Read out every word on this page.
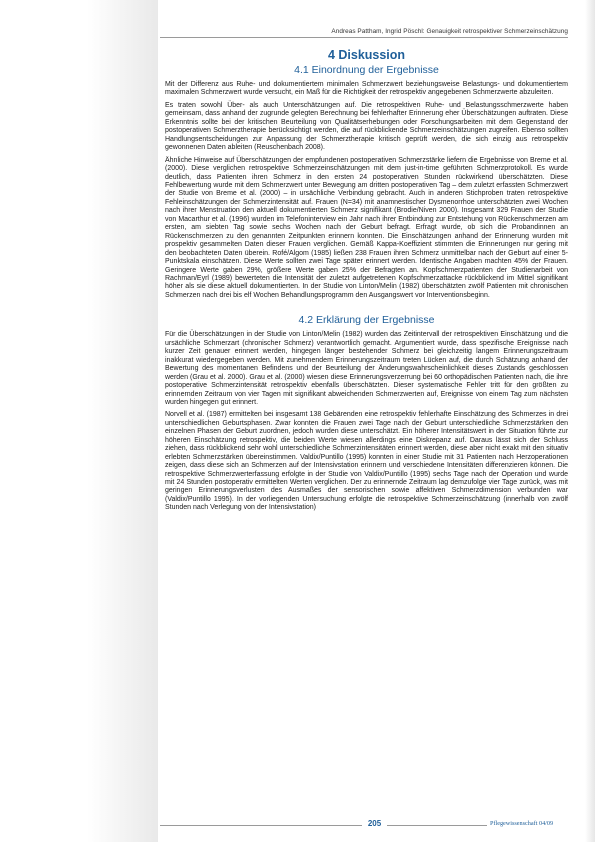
Andreas Pattham, Ingrid Pöschl: Genauigkeit retrospektiver Schmerzeinschätzung
4 Diskussion
4.1 Einordnung der Ergebnisse

Mit der Differenz aus Ruhe- und dokumentiertem minimalen Schmerzwert beziehungsweise Belastungs- und dokumentiertem maximalen Schmerzwert wurde versucht, ein Maß für die Richtigkeit der retrospektiv angegebenen Schmerzwerte abzuleiten.

Es traten sowohl Über- als auch Unterschätzungen auf. Die retrospektiven Ruhe- und Belastungsschmerzwerte haben gemeinsam, dass anhand der zugrunde gelegten Berechnung bei fehlerhafter Erinnerung eher Überschätzungen auftraten. Diese Erkenntnis sollte bei der kritischen Beurteilung von Qualitätserhebungen oder Forschungsarbeiten mit dem Gegenstand der postoperativen Schmerztherapie berücksichtigt werden, die auf rückblickende Schmerzeinschätzungen zugreifen. Ebenso sollten Handlungsentscheidungen zur Anpassung der Schmerztherapie kritisch geprüft werden, die sich einzig aus retrospektiv gewonnenen Daten ableiten (Reuschenbach 2008).

Ähnliche Hinweise auf Überschätzungen der empfundenen postoperativen Schmerzstärke liefern die Ergebnisse von Breme et al. (2000). Diese verglichen retrospektive Schmerzeinschätzungen mit dem just-in-time geführten Schmerzprotokoll. Es wurde deutlich, dass Patienten ihren Schmerz in den ersten 24 postoperativen Stunden rückwirkend überschätzten. Diese Fehlbewertung wurde mit dem Schmerzwert unter Bewegung am dritten postoperativen Tag – dem zuletzt erfassten Schmerzwert der Studie von Breme et al. (2000) – in ursächliche Verbindung gebracht. Auch in anderen Stichproben traten retrospektive Fehleinschätzungen der Schmerzintensität auf. Frauen (N=34) mit anamnestischer Dysmenorrhoe unterschätzten zwei Wochen nach ihrer Menstruation den aktuell dokumentierten Schmerz signifikant (Brodie/Niven 2000). Insgesamt 329 Frauen der Studie von Macarthur et al. (1996) wurden im Telefoninterview ein Jahr nach ihrer Entbindung zur Entstehung von Rückenschmerzen am ersten, am siebten Tag sowie sechs Wochen nach der Geburt befragt. Erfragt wurde, ob sich die Probandinnen an Rückenschmerzen zu den genannten Zeitpunkten erinnern konnten. Die Einschätzungen anhand der Erinnerung wurden mit prospektiv gesammelten Daten dieser Frauen verglichen. Gemäß Kappa-Koeffizient stimmten die Erinnerungen nur gering mit den beobachteten Daten überein. Rofé/Algom (1985) ließen 238 Frauen ihren Schmerz unmittelbar nach der Geburt auf einer 5-Punktskala einschätzen. Diese Werte sollten zwei Tage später erinnert werden. Identische Angaben machten 45% der Frauen. Geringere Werte gaben 29%, größere Werte gaben 25% der Befragten an. Kopfschmerzpatienten der Studienarbeit von Rachman/Eyrl (1989) bewerteten die Intensität der zuletzt aufgetretenen Kopfschmerzattacke rückblickend im Mittel signifikant höher als sie diese aktuell dokumentierten. In der Studie von Linton/Melin (1982) überschätzten zwölf Patienten mit chronischen Schmerzen nach drei bis elf Wochen Behandlungsprogramm den Ausgangswert vor Interventionsbeginn.

4.2 Erklärung der Ergebnisse

Für die Überschätzungen in der Studie von Linton/Melin (1982) wurden das Zeitintervall der retrospektiven Einschätzung und die ursächliche Schmerzart (chronischer Schmerz) verantwortlich gemacht. Argumentiert wurde, dass spezifische Ereignisse nach kurzer Zeit genauer erinnert werden, hingegen länger bestehender Schmerz bei gleichzeitig langem Erinnerungszeitraum inakkurat wiedergegeben werden. Mit zunehmendem Erinnerungszeitraum treten Lücken auf, die durch Schätzung anhand der Bewertung des momentanen Befindens und der Beurteilung der Änderungswahrscheinlichkeit dieses Zustands geschlossen werden (Grau et al. 2000). Grau et al. (2000) wiesen diese Erinnerungsverzerrung bei 60 orthopädischen Patienten nach, die ihre postoperative Schmerzintensität retrospektiv ebenfalls überschätzten. Dieser systematische Fehler tritt für den größten zu erinnernden Zeitraum von vier Tagen mit signifikant abweichenden Schmerzwerten auf, Ereignisse von einem Tag zum nächsten wurden hingegen gut erinnert.

Norvell et al. (1987) ermittelten bei insgesamt 138 Gebärenden eine retrospektiv fehlerhafte Einschätzung des Schmerzes in drei unterschiedlichen Geburtsphasen. Zwar konnten die Frauen zwei Tage nach der Geburt unterschiedliche Schmerzstärken den einzelnen Phasen der Geburt zuordnen, jedoch wurden diese unterschätzt. Ein höherer Intensitätswert in der Situation führte zur höheren Einschätzung retrospektiv, die beiden Werte wiesen allerdings eine Diskrepanz auf. Daraus lässt sich der Schluss ziehen, dass rückblickend sehr wohl unterschiedliche Schmerzintensitäten erinnert werden, diese aber nicht exakt mit den situativ erlebten Schmerzstärken übereinstimmen. Valdix/Puntillo (1995) konnten in einer Studie mit 31 Patienten nach Herzoperationen zeigen, dass diese sich an Schmerzen auf der Intensivstation erinnern und verschiedene Intensitäten differenzieren können. Die retrospektive Schmerzwerterfassung erfolgte in der Studie von Valdix/Puntillo (1995) sechs Tage nach der Operation und wurde mit 24 Stunden postoperativ ermittelten Werten verglichen. Der zu erinnernde Zeitraum lag demzufolge vier Tage zurück, was mit geringen Erinnerungsverlusten des Ausmaßes der sensorischen sowie affektiven Schmerzdimension verbunden war (Valdix/Puntillo 1995). In der vorliegenden Untersuchung erfolgte die retrospektive Schmerzeinschätzung (innerhalb von zwölf Stunden nach Verlegung von der Intensivstation)

205	Pflegewissenschaft 04/09
